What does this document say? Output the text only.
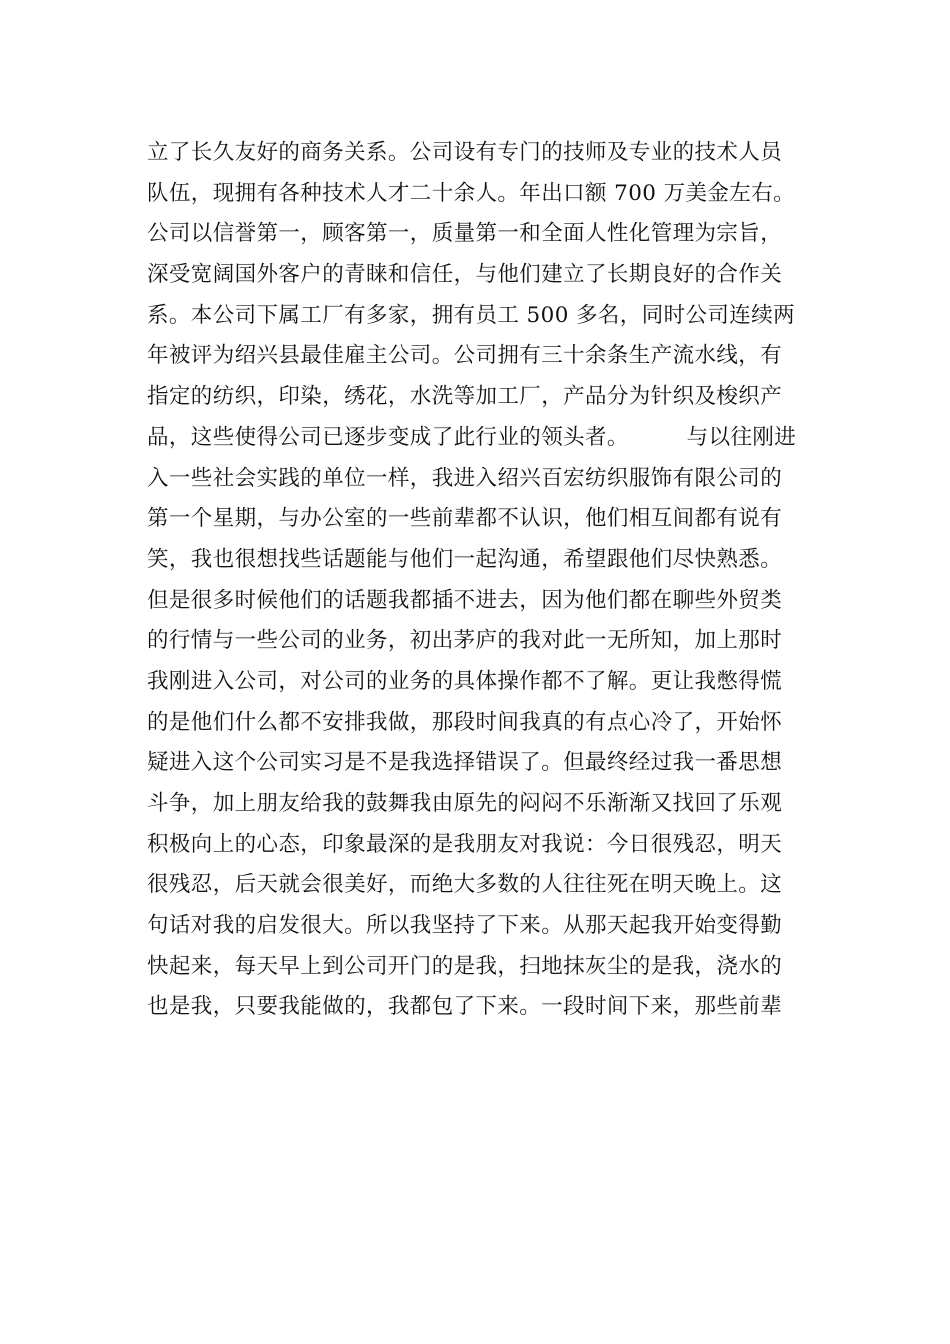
立了长久友好的商务关系。公司设有专门的技师及专业的技术人员
队伍，现拥有各种技术人才二十余人。年出口额 700 万美金左右。
公司以信誉第一，顾客第一，质量第一和全面人性化管理为宗旨，
深受宽阔国外客户的青睐和信任，与他们建立了长期良好的合作关
系。本公司下属工厂有多家，拥有员工 500 多名，同时公司连续两
年被评为绍兴县最佳雇主公司。公司拥有三十余条生产流水线，有
指定的纺织，印染，绣花，水洗等加工厂，产品分为针织及梭织产
品，这些使得公司已逐步变成了此行业的领头者。        与以往刚进
入一些社会实践的单位一样，我进入绍兴百宏纺织服饰有限公司的
第一个星期，与办公室的一些前辈都不认识，他们相互间都有说有
笑，我也很想找些话题能与他们一起沟通，希望跟他们尽快熟悉。
但是很多时候他们的话题我都插不进去，因为他们都在聊些外贸类
的行情与一些公司的业务，初出茅庐的我对此一无所知，加上那时
我刚进入公司，对公司的业务的具体操作都不了解。更让我憋得慌
的是他们什么都不安排我做，那段时间我真的有点心冷了，开始怀
疑进入这个公司实习是不是我选择错误了。但最终经过我一番思想
斗争，加上朋友给我的鼓舞我由原先的闷闷不乐渐渐又找回了乐观
积极向上的心态，印象最深的是我朋友对我说：今日很残忍，明天
很残忍，后天就会很美好，而绝大多数的人往往死在明天晚上。这
句话对我的启发很大。所以我坚持了下来。从那天起我开始变得勤
快起来，每天早上到公司开门的是我，扫地抹灰尘的是我，浇水的
也是我，只要我能做的，我都包了下来。一段时间下来，那些前辈
